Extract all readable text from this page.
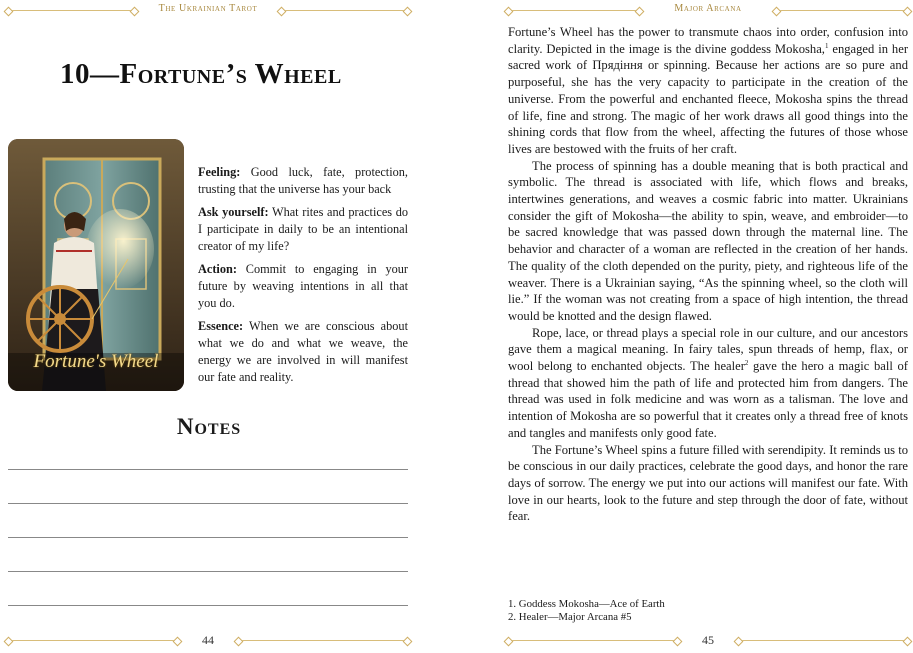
The Ukrainian Tarot
10—Fortune’s Wheel
Fortune's Wheel

Feeling: Good luck, fate, protection, trusting that the universe has your back

Ask yourself: What rites and practices do I participate in daily to be an intentional creator of my life?

Action: Commit to engaging in your future by weaving intentions in all that you do.

Essence: When we are conscious about what we do and what we weave, the energy we are involved in will manifest our fate and reality.

Notes
44
Major Arcana

Fortune’s Wheel has the power to transmute chaos into order, confusion into clarity. Depicted in the image is the divine goddess Mokosha,$^1$ engaged in her sacred work of Прядіння or spinning. Because her actions are so pure and purposeful, she has the very capacity to participate in the creation of the universe. From the powerful and enchanted fleece, Mokosha spins the thread of life, fine and strong. The magic of her work draws all good things into the shining cords that flow from the wheel, affecting the futures of those whose lives are bestowed with the fruits of her craft.

The process of spinning has a double meaning that is both practical and symbolic. The thread is associated with life, which flows and breaks, intertwines generations, and weaves a cosmic fabric into matter. Ukrainians consider the gift of Mokosha—the ability to spin, weave, and embroider—to be sacred knowledge that was passed down through the maternal line. The behavior and character of a woman are reflected in the creation of her hands. The quality of the cloth depended on the purity, piety, and righteous life of the weaver. There is a Ukrainian saying, “As the spinning wheel, so the cloth will lie.” If the woman was not creating from a space of high intention, the thread would be knotted and the design flawed.

Rope, lace, or thread plays a special role in our culture, and our ancestors gave them a magical meaning. In fairy tales, spun threads of hemp, flax, or wool belong to enchanted objects. The healer$^2$ gave the hero a magic ball of thread that showed him the path of life and protected him from dangers. The thread was used in folk medicine and was worn as a talisman. The love and intention of Mokosha are so powerful that it creates only a thread free of knots and tangles and manifests only good fate.

The Fortune’s Wheel spins a future filled with serendipity. It reminds us to be conscious in our daily practices, celebrate the good days, and honor the rare days of sorrow. The energy we put into our actions will manifest our fate. With love in our hearts, look to the future and step through the door of fate, without fear.

1. Goddess Mokosha—Ace of Earth
2. Healer—Major Arcana #5
45
